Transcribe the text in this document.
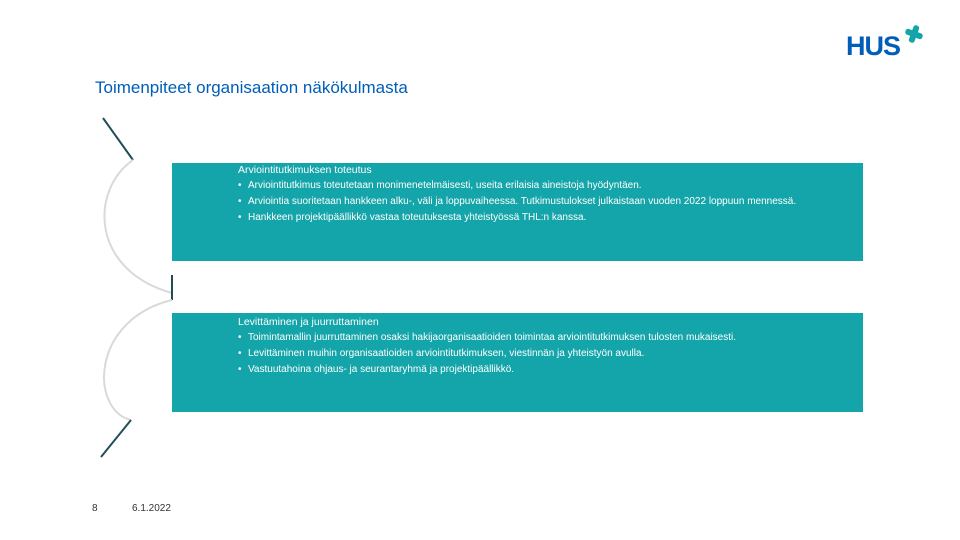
HUS
Toimenpiteet organisaation näkökulmasta
Arviointitutkimuksen toteutus
• Arviointitutkimus toteutetaan monimenetelmäisesti, useita erilaisia aineistoja hyödyntäen.
• Arviointia suoritetaan hankkeen alku-, väli ja loppuvaiheessa. Tutkimustulokset julkaistaan vuoden 2022 loppuun mennessä.
• Hankkeen projektipäällikkö vastaa toteutuksesta yhteistyössä THL:n kanssa.
Levittäminen ja juurruttaminen
• Toimintamallin juurruttaminen osaksi hakijaorganisaatioiden toimintaa arviointitutkimuksen tulosten mukaisesti.
• Levittäminen muihin organisaatioiden arviointitutkimuksen, viestinnän ja yhteistyön avulla.
• Vastuutahoina ohjaus- ja seurantaryhmä ja projektipäällikkö.
8	6.1.2022
